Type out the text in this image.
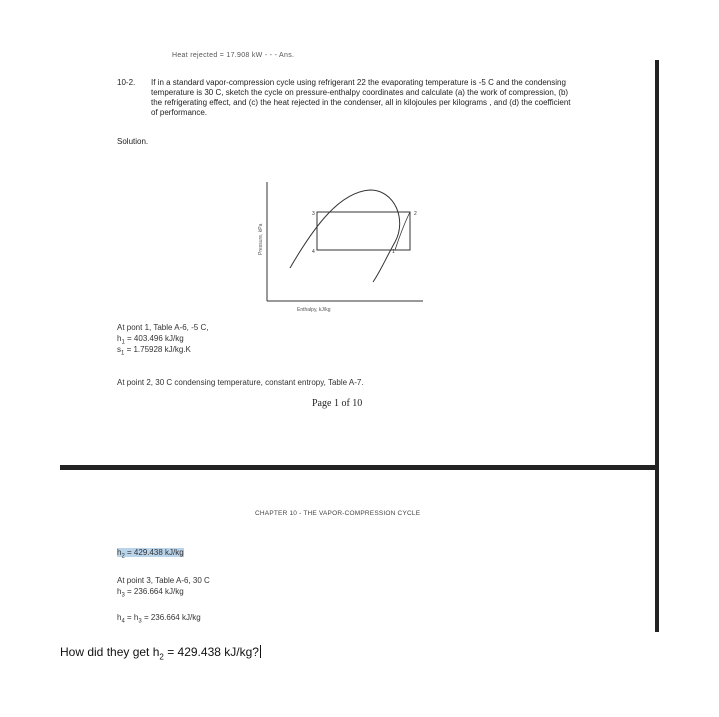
Heat rejected = 17.908 kW - - - Ans.
10-2. If in a standard vapor-compression cycle using refrigerant 22 the evaporating temperature is -5 C and the condensing temperature is 30 C, sketch the cycle on pressure-enthalpy coordinates and calculate (a) the work of compression, (b) the refrigerating effect, and (c) the heat rejected in the condenser, all in kilojoules per kilograms , and (d) the coefficient of performance.
Solution.
3
4
2
1
Pressure, kPa
Enthalpy, kJ/kg
At pont 1, Table A-6, -5 C,
$h_1 = 403.496$ kJ/kg
$s_1 = 1.75928$ kJ/kg.K
At point 2, 30 C condensing temperature, constant entropy, Table A-7.
Page 1 of 10
CHAPTER 10 - THE VAPOR-COMPRESSION CYCLE
$h_2 = 429.438$ kJ/kg
At point 3, Table A-6, 30 C
$h_3 = 236.664$ kJ/kg
$h_4 = h_3 = 236.664$ kJ/kg
How did they get $h_2 = 429.438$ kJ/kg?
